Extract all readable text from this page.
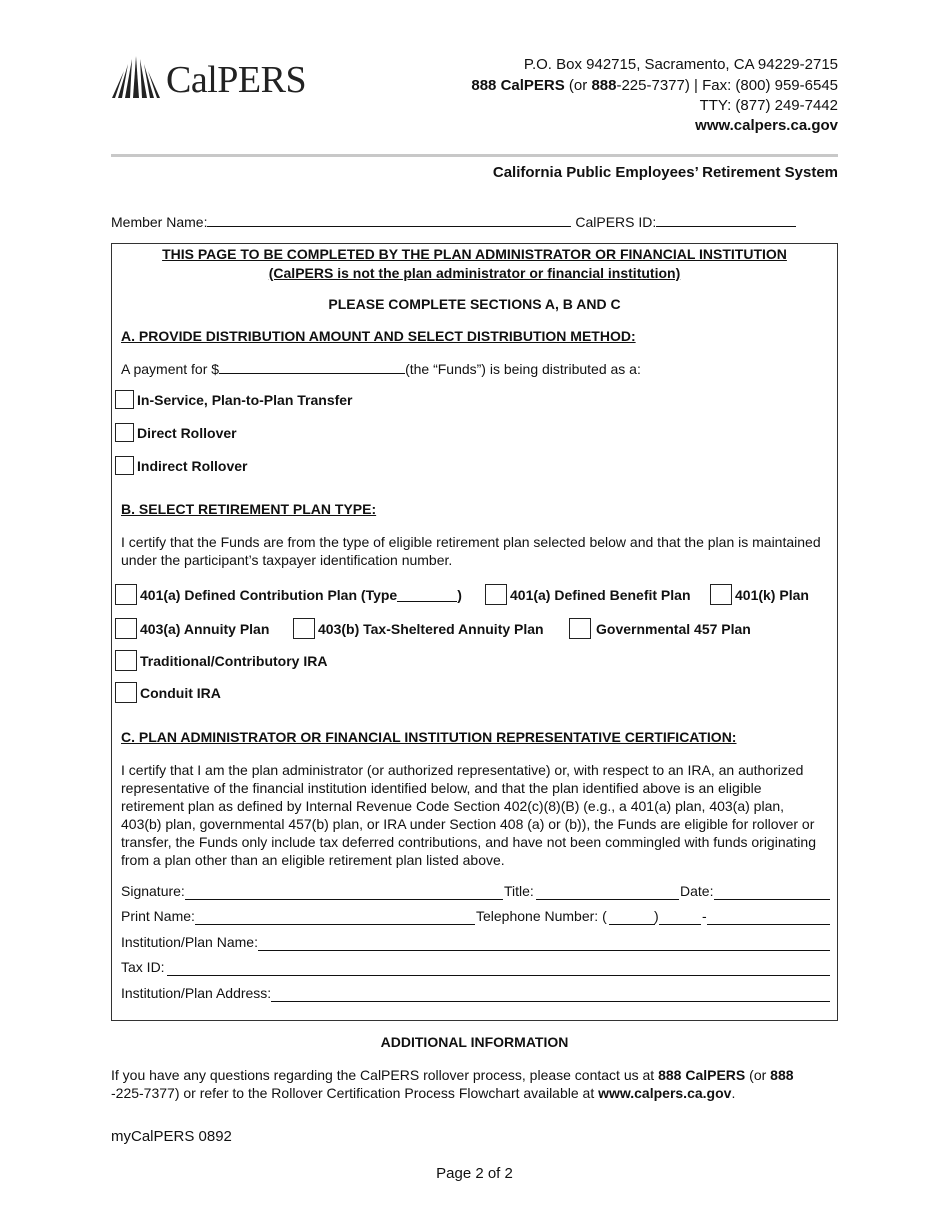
CalPERS	P.O. Box 942715, Sacramento, CA 94229-2715
888 CalPERS (or 888-225-7377) | Fax: (800) 959-6545
TTY: (877) 249-7442
www.calpers.ca.gov
California Public Employees’ Retirement System
Member Name:	CalPERS ID:
THIS PAGE TO BE COMPLETED BY THE PLAN ADMINISTRATOR OR FINANCIAL INSTITUTION
(CalPERS is not the plan administrator or financial institution)
PLEASE COMPLETE SECTIONS A, B AND C
A. PROVIDE DISTRIBUTION AMOUNT AND SELECT DISTRIBUTION METHOD:
A payment for $	(the “Funds”) is being distributed as a:
In-Service, Plan-to-Plan Transfer
Direct Rollover
Indirect Rollover
B. SELECT RETIREMENT PLAN TYPE:
I certify that the Funds are from the type of eligible retirement plan selected below and that the plan is maintained under the participant’s taxpayer identification number.
401(a) Defined Contribution Plan (Type	)	401(a) Defined Benefit Plan	401(k) Plan
403(a) Annuity Plan	403(b) Tax-Sheltered Annuity Plan	Governmental 457 Plan
Traditional/Contributory IRA
Conduit IRA
C. PLAN ADMINISTRATOR OR FINANCIAL INSTITUTION REPRESENTATIVE CERTIFICATION:
I certify that I am the plan administrator (or authorized representative) or, with respect to an IRA, an authorized representative of the financial institution identified below, and that the plan identified above is an eligible retirement plan as defined by Internal Revenue Code Section 402(c)(8)(B) (e.g., a 401(a) plan, 403(a) plan, 403(b) plan, governmental 457(b) plan, or IRA under Section 408 (a) or (b)), the Funds are eligible for rollover or transfer, the Funds only include tax deferred contributions, and have not been commingled with funds originating from a plan other than an eligible retirement plan listed above.
Signature:	Title:	Date:
Print Name:	Telephone Number: (	)	-
Institution/Plan Name:
Tax ID:
Institution/Plan Address:
ADDITIONAL INFORMATION
If you have any questions regarding the CalPERS rollover process, please contact us at 888 CalPERS (or 888
-225-7377) or refer to the Rollover Certification Process Flowchart available at www.calpers.ca.gov.
myCalPERS 0892
Page 2 of 2
